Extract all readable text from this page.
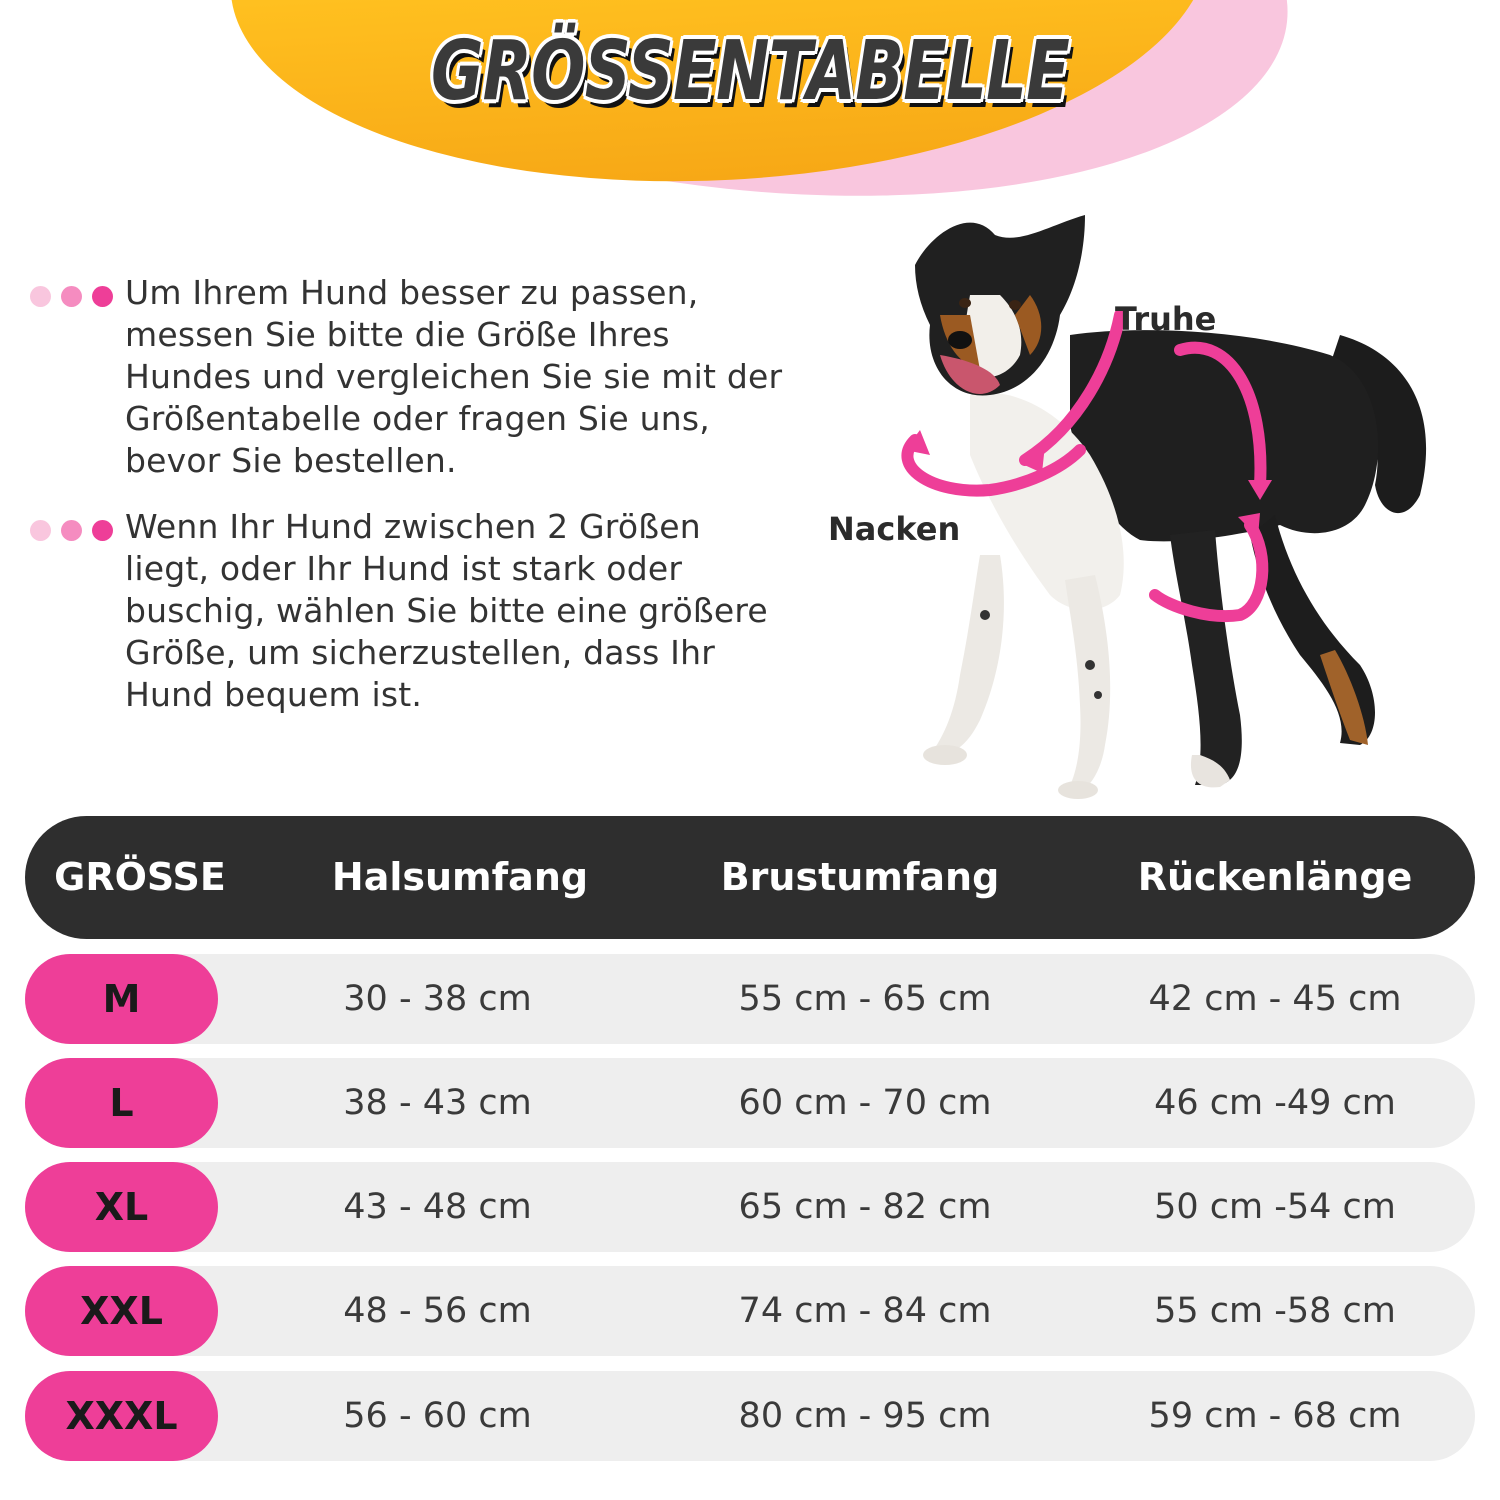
GRÖSSENTABELLE
Um Ihrem Hund besser zu passen, messen Sie bitte die Größe Ihres Hundes und vergleichen Sie sie mit der Größentabelle oder fragen Sie uns, bevor Sie bestellen.
Wenn Ihr Hund zwischen 2 Größen liegt, oder Ihr Hund ist stark oder buschig, wählen Sie bitte eine größere Größe, um sicherzustellen, dass Ihr Hund bequem ist.
Truhe
Nacken
GRÖSSE	Halsumfang	Brustumfang	Rückenlänge
M	30 - 38 cm	55 cm - 65 cm	42 cm - 45 cm
L	38 - 43 cm	60 cm - 70 cm	46 cm -49 cm
XL	43 - 48 cm	65 cm - 82 cm	50 cm -54 cm
XXL	48 - 56 cm	74 cm - 84 cm	55 cm -58 cm
XXXL	56 - 60 cm	80 cm - 95 cm	59 cm - 68 cm
